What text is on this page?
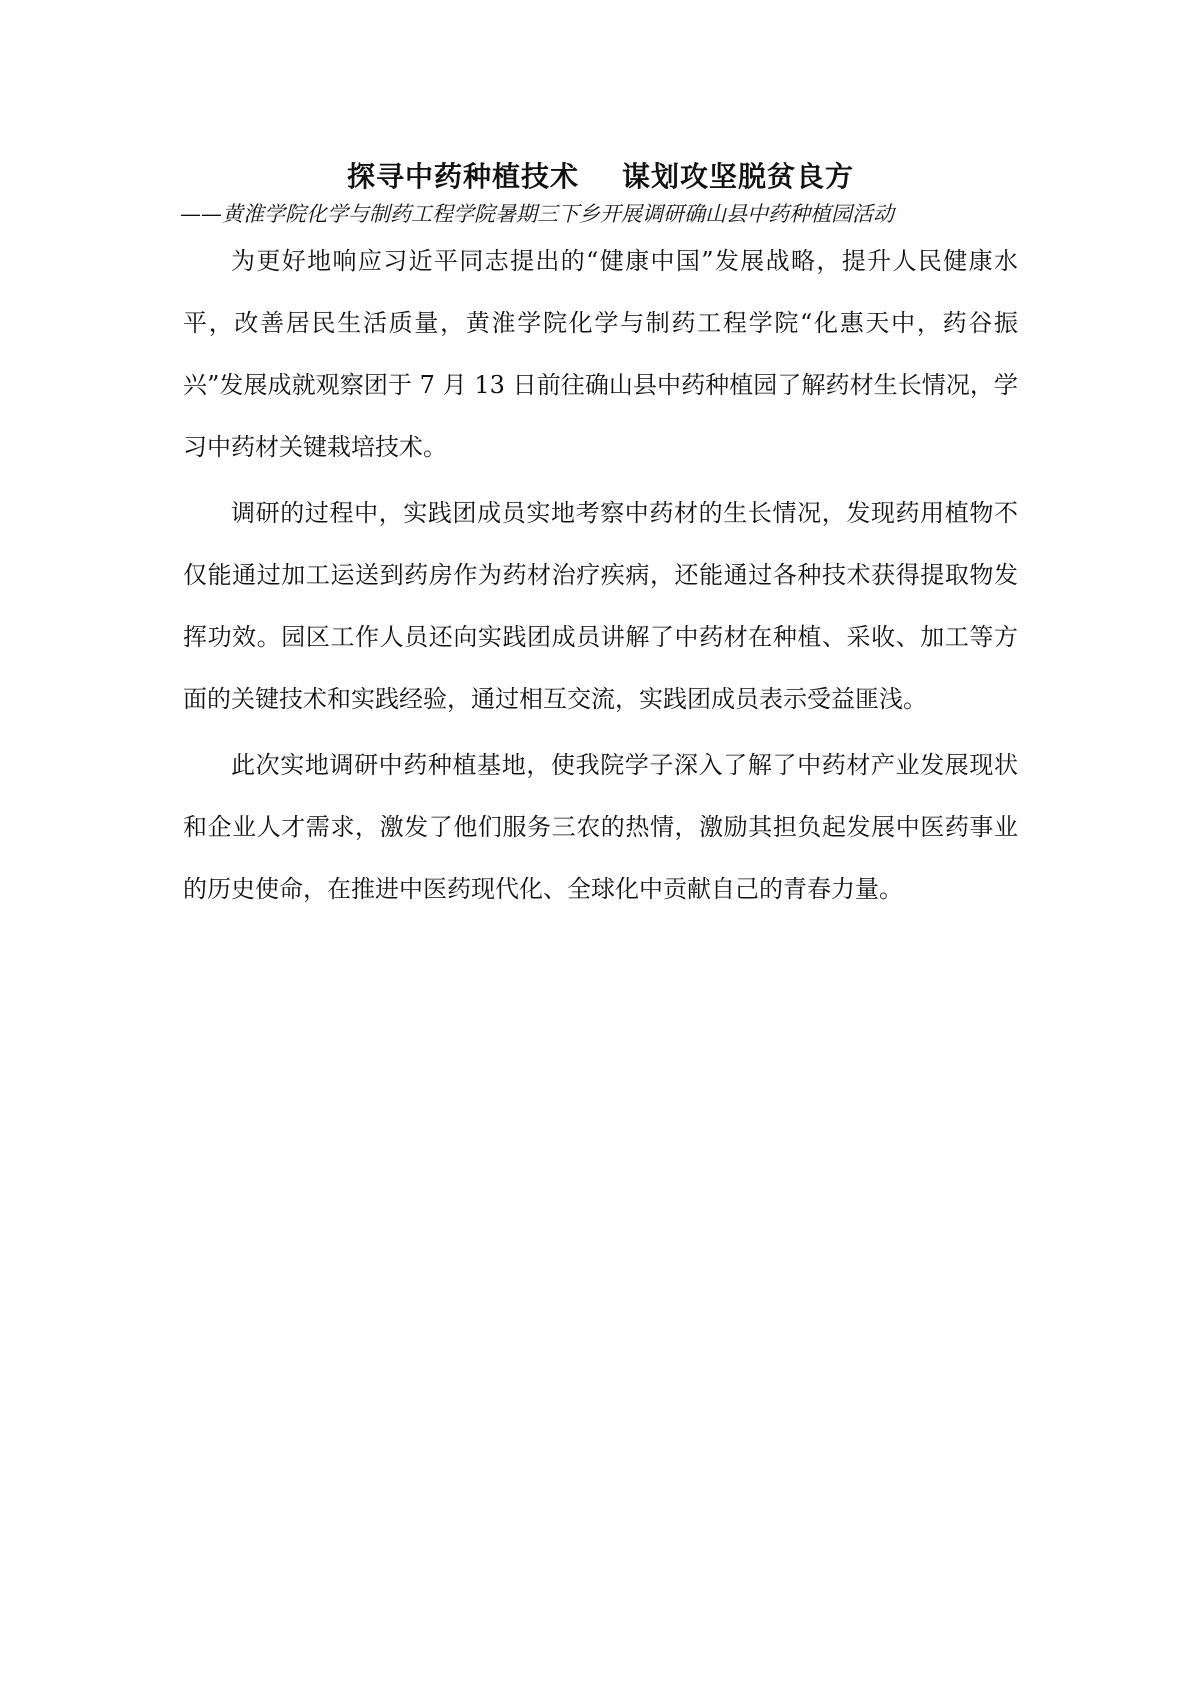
探寻中药种植技术    谋划攻坚脱贫良方
——黄淮学院化学与制药工程学院暑期三下乡开展调研确山县中药种植园活动

为更好地响应习近平同志提出的“健康中国”发展战略，提升人民健康水平，改善居民生活质量，黄淮学院化学与制药工程学院“化惠天中，药谷振兴”发展成就观察团于 7 月 13 日前往确山县中药种植园了解药材生长情况，学习中药材关键栽培技术。

调研的过程中，实践团成员实地考察中药材的生长情况，发现药用植物不仅能通过加工运送到药房作为药材治疗疾病，还能通过各种技术获得提取物发挥功效。园区工作人员还向实践团成员讲解了中药材在种植、采收、加工等方面的关键技术和实践经验，通过相互交流，实践团成员表示受益匪浅。

此次实地调研中药种植基地，使我院学子深入了解了中药材产业发展现状和企业人才需求，激发了他们服务三农的热情，激励其担负起发展中医药事业的历史使命，在推进中医药现代化、全球化中贡献自己的青春力量。
